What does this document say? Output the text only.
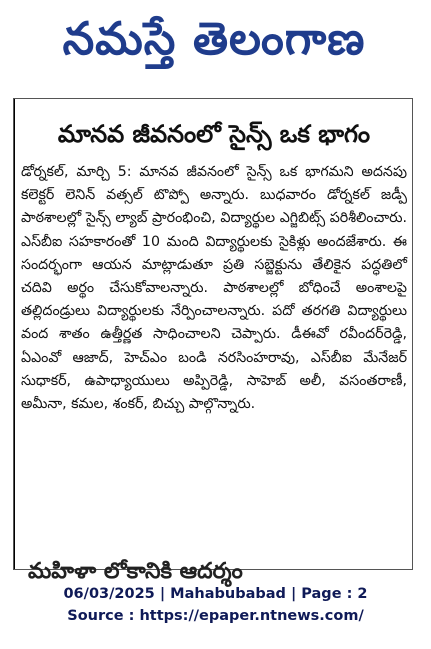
నమస్తే తెలంగాణ
మానవ జీవనంలో సైన్స్ ఒక భాగం
డోర్నకల్, మార్చి 5: మానవ జీవనంలో సైన్స్ ఒక భాగమని అదనపు కలెక్టర్ లెనిన్ వత్సల్ టొప్పో అన్నారు. బుధవారం డోర్నకల్ జడ్పీ పాఠశాలల్లో సైన్స్ ల్యాబ్ ప్రారంభించి, విద్యార్థుల ఎగ్జిబిట్స్ పరిశీలించారు. ఎస్‌బీఐ సహకారంతో 10 మంది విద్యార్థులకు సైకిళ్లు అందజేశారు. ఈ సందర్భంగా ఆయన మాట్లాడుతూ ప్రతి సబ్జెక్టును తేలికైన పద్ధతిలో చదివి అర్థం చేసుకోవాలన్నారు. పాఠశాలల్లో బోధించే అంశాలపై తల్లిదండ్రులు విద్యార్థులకు నేర్పించాలన్నారు. పదో తరగతి విద్యార్థులు వంద శాతం ఉత్తీర్ణత సాధించాలని చెప్పారు. డీఈవో రవీందర్‌రెడ్డి, ఏఎంవో ఆజాద్, హెచ్‌ఎం బండి నరసింహరావు, ఎస్‌బీఐ మేనేజర్ సుధాకర్, ఉపాధ్యాయులు అప్పిరెడ్డి, సాహెబ్ అలీ, వసంతరాణీ, అమీనా, కమల, శంకర్, బిచ్చు పాల్గొన్నారు.
మహిళా లోకానికి ఆదర్శం
06/03/2025 | Mahabubabad | Page : 2
Source : https://epaper.ntnews.com/
